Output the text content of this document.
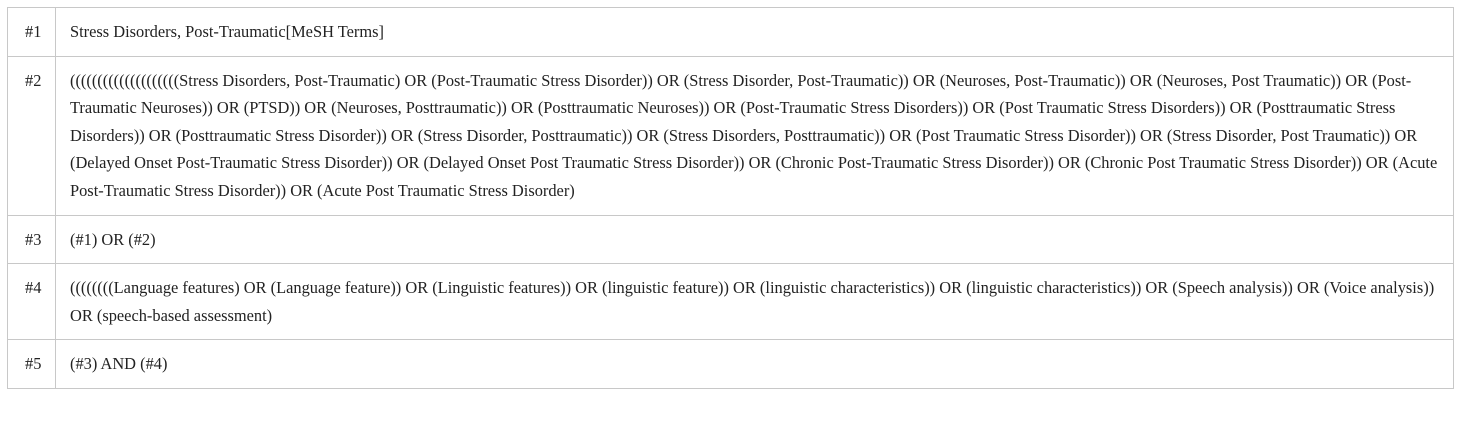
#1	Stress Disorders, Post-Traumatic[MeSH Terms]
#2	((((((((((((((((((((Stress Disorders, Post-Traumatic) OR (Post-Traumatic Stress Disorder)) OR (Stress Disorder, Post-Traumatic)) OR (Neuroses, Post-Traumatic)) OR (Neuroses, Post Traumatic)) OR (Post-Traumatic Neuroses)) OR (PTSD)) OR (Neuroses, Posttraumatic)) OR (Posttraumatic Neuroses)) OR (Post-Traumatic Stress Disorders)) OR (Post Traumatic Stress Disorders)) OR (Posttraumatic Stress Disorders)) OR (Posttraumatic Stress Disorder)) OR (Stress Disorder, Posttraumatic)) OR (Stress Disorders, Posttraumatic)) OR (Post Traumatic Stress Disorder)) OR (Stress Disorder, Post Traumatic)) OR (Delayed Onset Post-Traumatic Stress Disorder)) OR (Delayed Onset Post Traumatic Stress Disorder)) OR (Chronic Post-Traumatic Stress Disorder)) OR (Chronic Post Traumatic Stress Disorder)) OR (Acute Post-Traumatic Stress Disorder)) OR (Acute Post Traumatic Stress Disorder)
#3	(#1) OR (#2)
#4	((((((((Language features) OR (Language feature)) OR (Linguistic features)) OR (linguistic feature)) OR (linguistic characteristics)) OR (linguistic characteristics)) OR (Speech analysis)) OR (Voice analysis)) OR (speech-based assessment)
#5	(#3) AND (#4)
